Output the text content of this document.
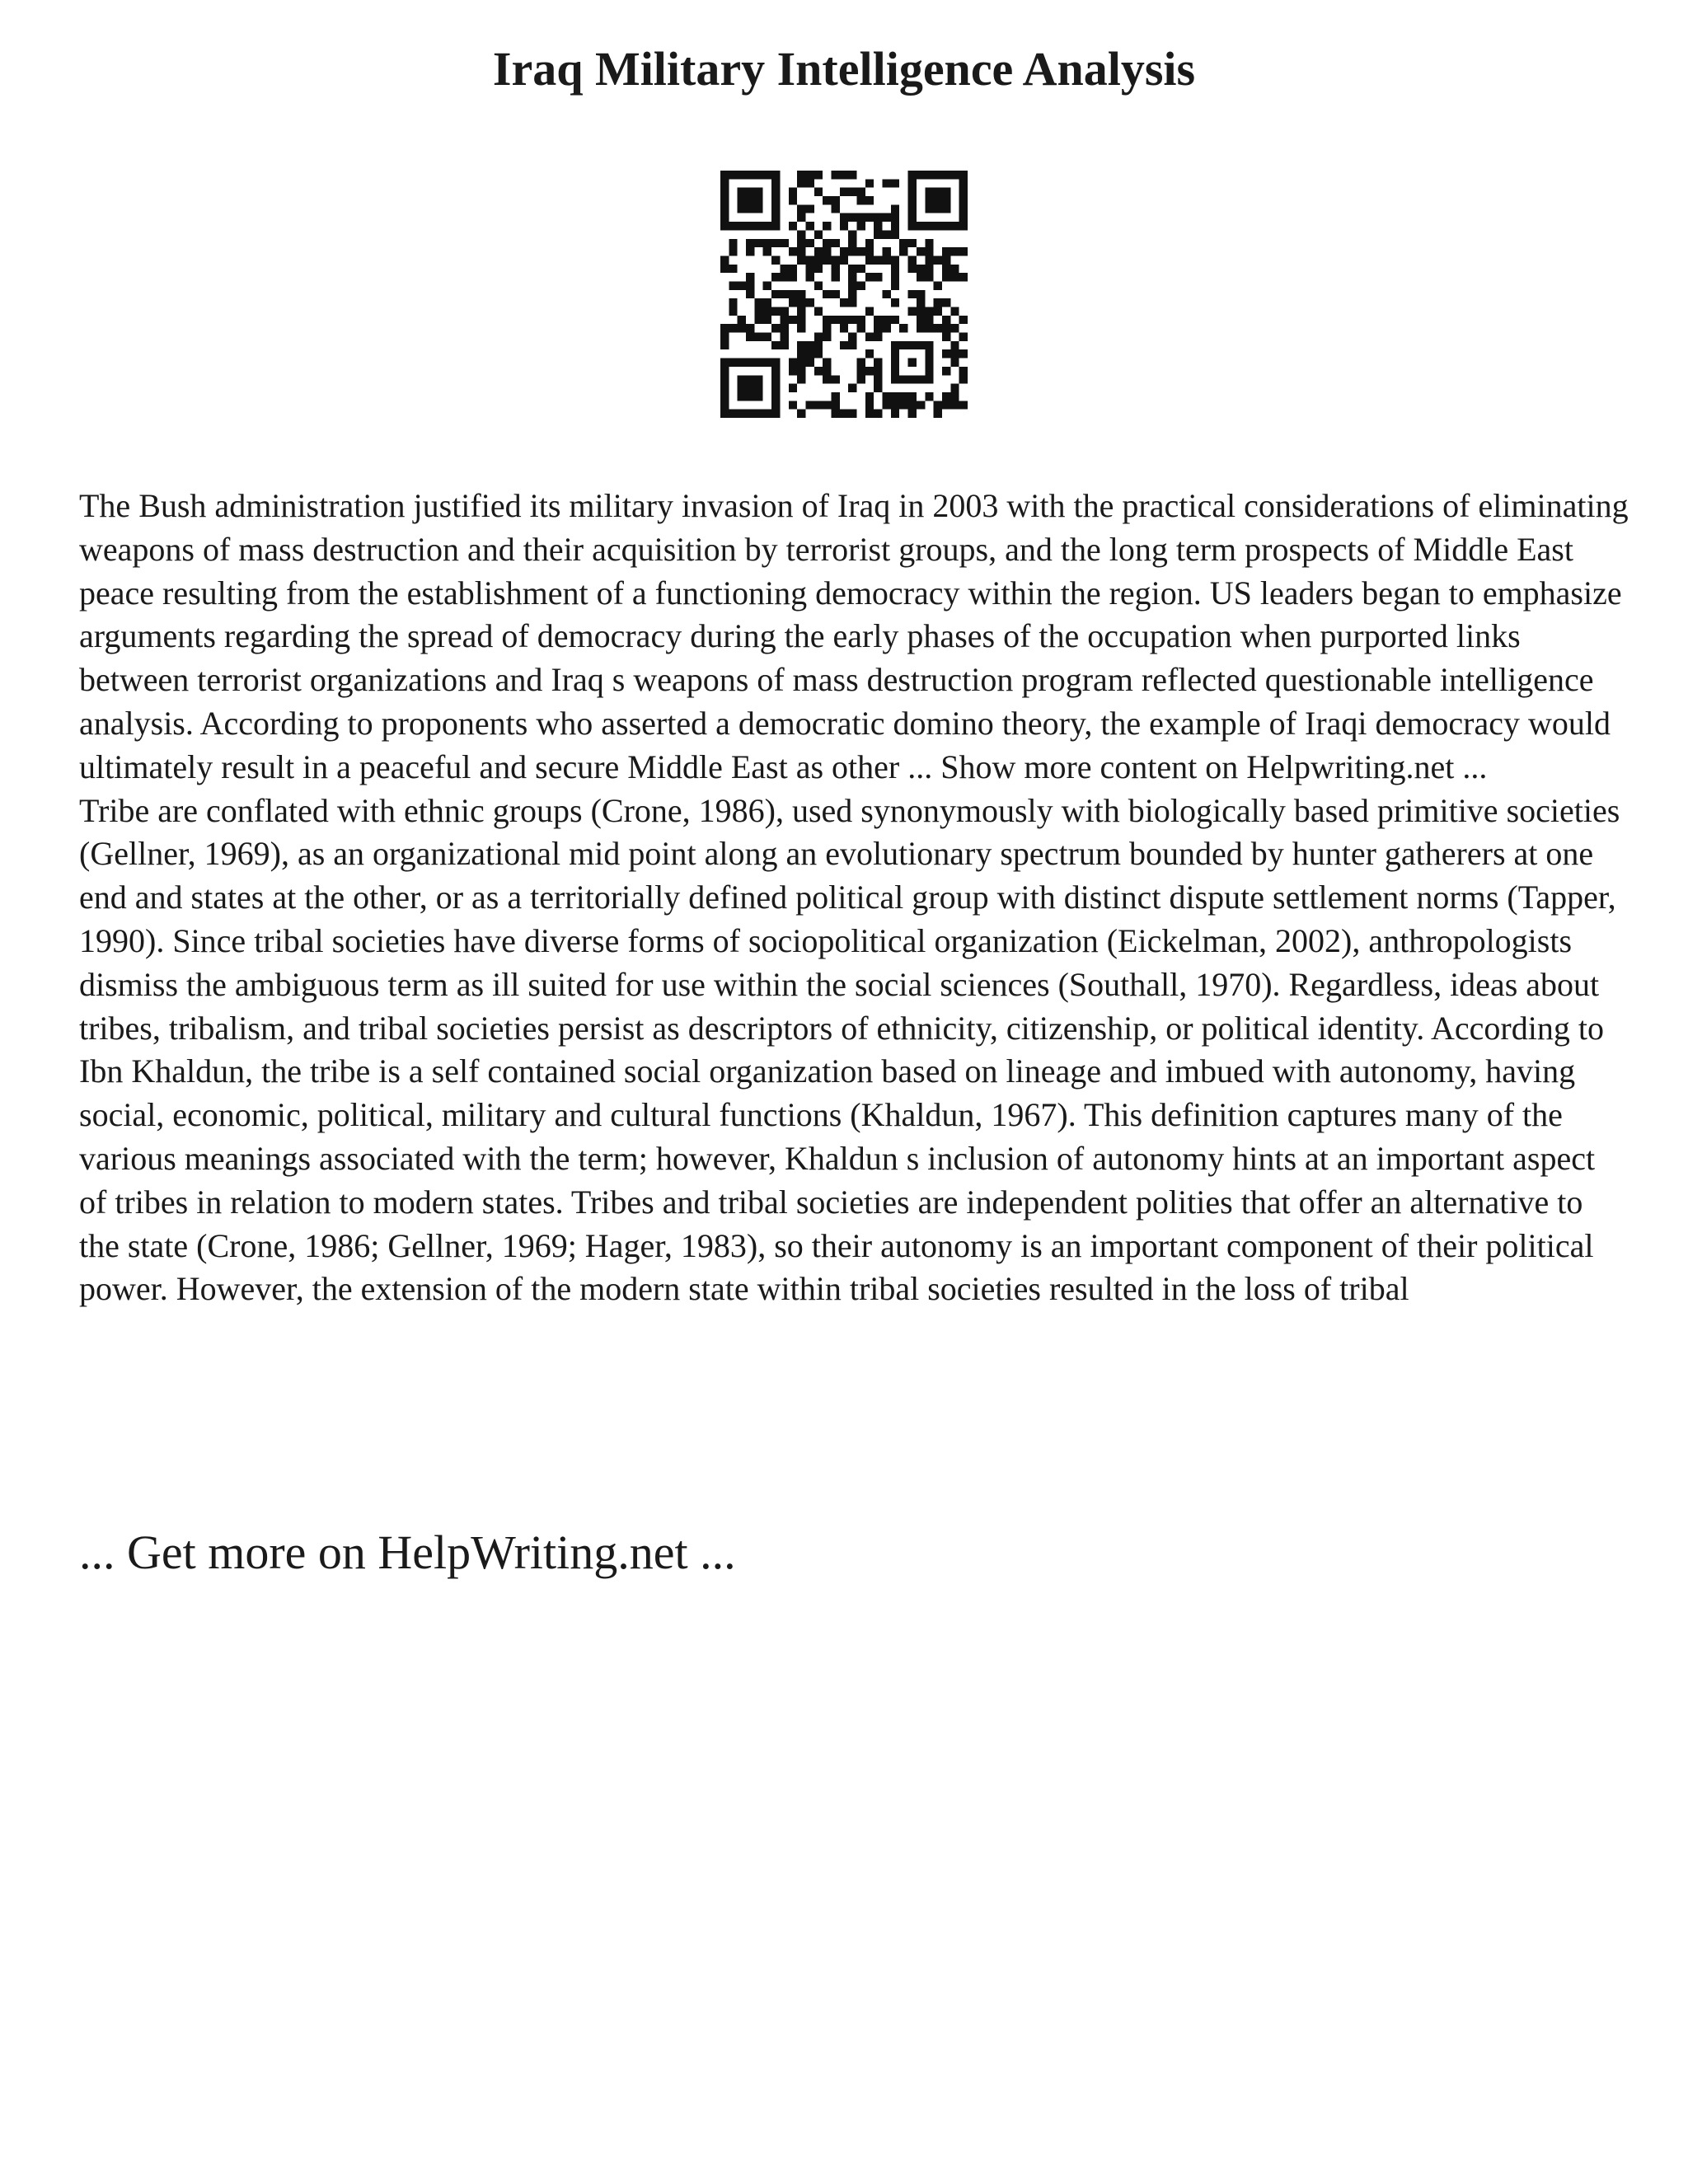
Iraq Military Intelligence Analysis

The Bush administration justified its military invasion of Iraq in 2003 with the practical considerations of eliminating weapons of mass destruction and their acquisition by terrorist groups, and the long term prospects of Middle East peace resulting from the establishment of a functioning democracy within the region. US leaders began to emphasize arguments regarding the spread of democracy during the early phases of the occupation when purported links between terrorist organizations and Iraq s weapons of mass destruction program reflected questionable intelligence analysis. According to proponents who asserted a democratic domino theory, the example of Iraqi democracy would ultimately result in a peaceful and secure Middle East as other ... Show more content on Helpwriting.net ...

Tribe are conflated with ethnic groups (Crone, 1986), used synonymously with biologically based primitive societies (Gellner, 1969), as an organizational mid point along an evolutionary spectrum bounded by hunter gatherers at one end and states at the other, or as a territorially defined political group with distinct dispute settlement norms (Tapper, 1990). Since tribal societies have diverse forms of sociopolitical organization (Eickelman, 2002), anthropologists dismiss the ambiguous term as ill suited for use within the social sciences (Southall, 1970). Regardless, ideas about tribes, tribalism, and tribal societies persist as descriptors of ethnicity, citizenship, or political identity. According to Ibn Khaldun, the tribe is a self contained social organization based on lineage and imbued with autonomy, having social, economic, political, military and cultural functions (Khaldun, 1967). This definition captures many of the various meanings associated with the term; however, Khaldun s inclusion of autonomy hints at an important aspect of tribes in relation to modern states. Tribes and tribal societies are independent polities that offer an alternative to the state (Crone, 1986; Gellner, 1969; Hager, 1983), so their autonomy is an important component of their political power. However, the extension of the modern state within tribal societies resulted in the loss of tribal

... Get more on HelpWriting.net ...
